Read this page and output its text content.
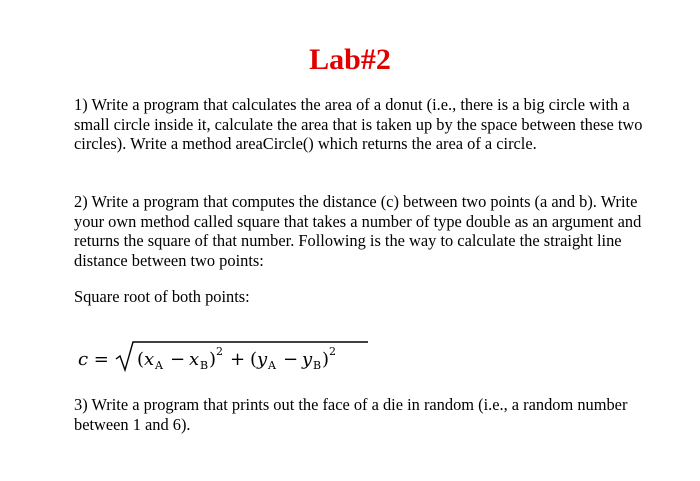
Lab#2

1) Write a program that calculates the area of a donut (i.e., there is a big circle with a small circle inside it, calculate the area that is taken up by the space between these two circles). Write a method areaCircle() which returns the area of a circle.

2) Write a program that computes the distance (c) between two points (a and b). Write your own method called square that takes a number of type double as an argument and returns the square of that number. Following is the way to calculate the straight line distance between two points:

Square root of both points:

c = ( x A − x B ) 2 + ( y A − y B ) 2

3) Write a program that prints out the face of a die in random (i.e., a random number between 1 and 6).
